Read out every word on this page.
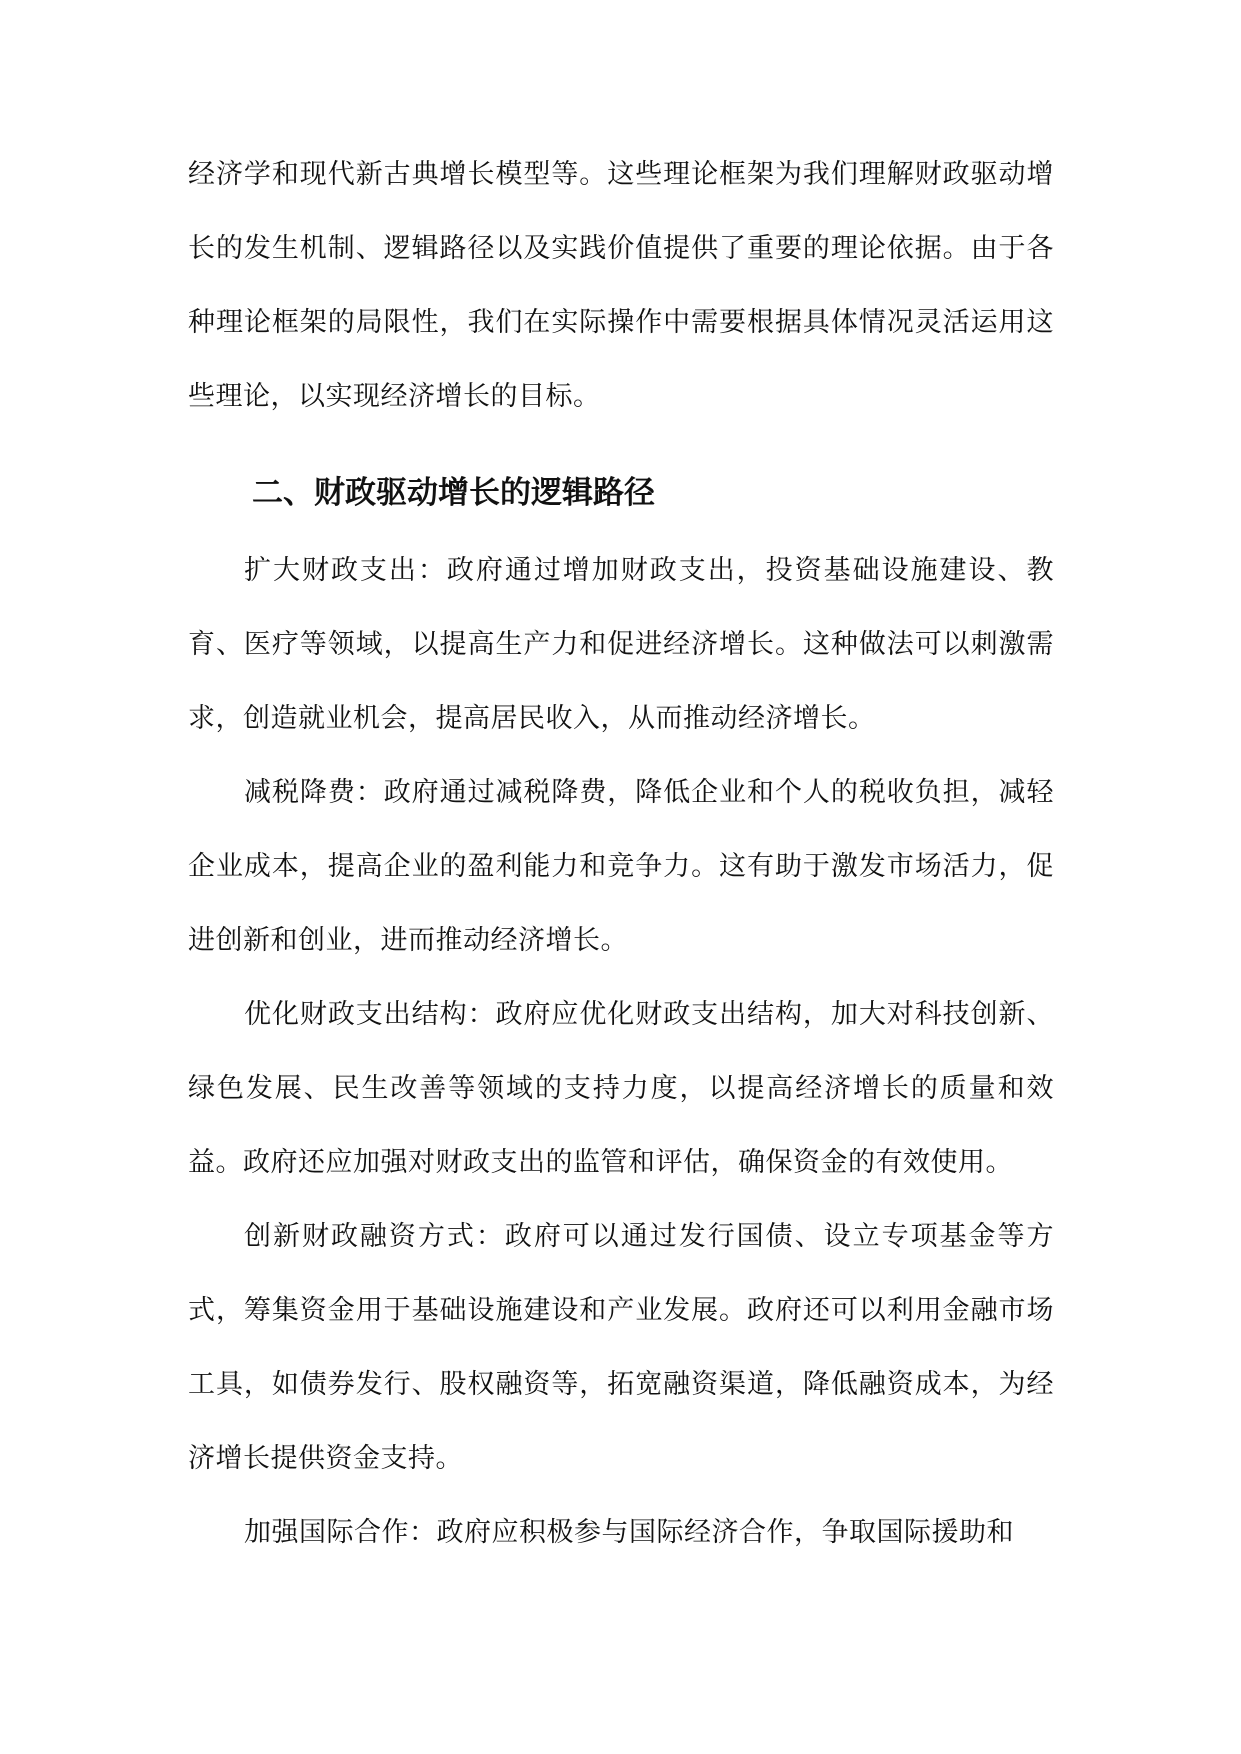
经济学和现代新古典增长模型等。这些理论框架为我们理解财政驱动增长的发生机制、逻辑路径以及实践价值提供了重要的理论依据。由于各种理论框架的局限性，我们在实际操作中需要根据具体情况灵活运用这些理论，以实现经济增长的目标。

二、财政驱动增长的逻辑路径

扩大财政支出：政府通过增加财政支出，投资基础设施建设、教育、医疗等领域，以提高生产力和促进经济增长。这种做法可以刺激需求，创造就业机会，提高居民收入，从而推动经济增长。

减税降费：政府通过减税降费，降低企业和个人的税收负担，减轻企业成本，提高企业的盈利能力和竞争力。这有助于激发市场活力，促进创新和创业，进而推动经济增长。

优化财政支出结构：政府应优化财政支出结构，加大对科技创新、绿色发展、民生改善等领域的支持力度，以提高经济增长的质量和效益。政府还应加强对财政支出的监管和评估，确保资金的有效使用。

创新财政融资方式：政府可以通过发行国债、设立专项基金等方式，筹集资金用于基础设施建设和产业发展。政府还可以利用金融市场工具，如债券发行、股权融资等，拓宽融资渠道，降低融资成本，为经济增长提供资金支持。

加强国际合作：政府应积极参与国际经济合作，争取国际援助和
